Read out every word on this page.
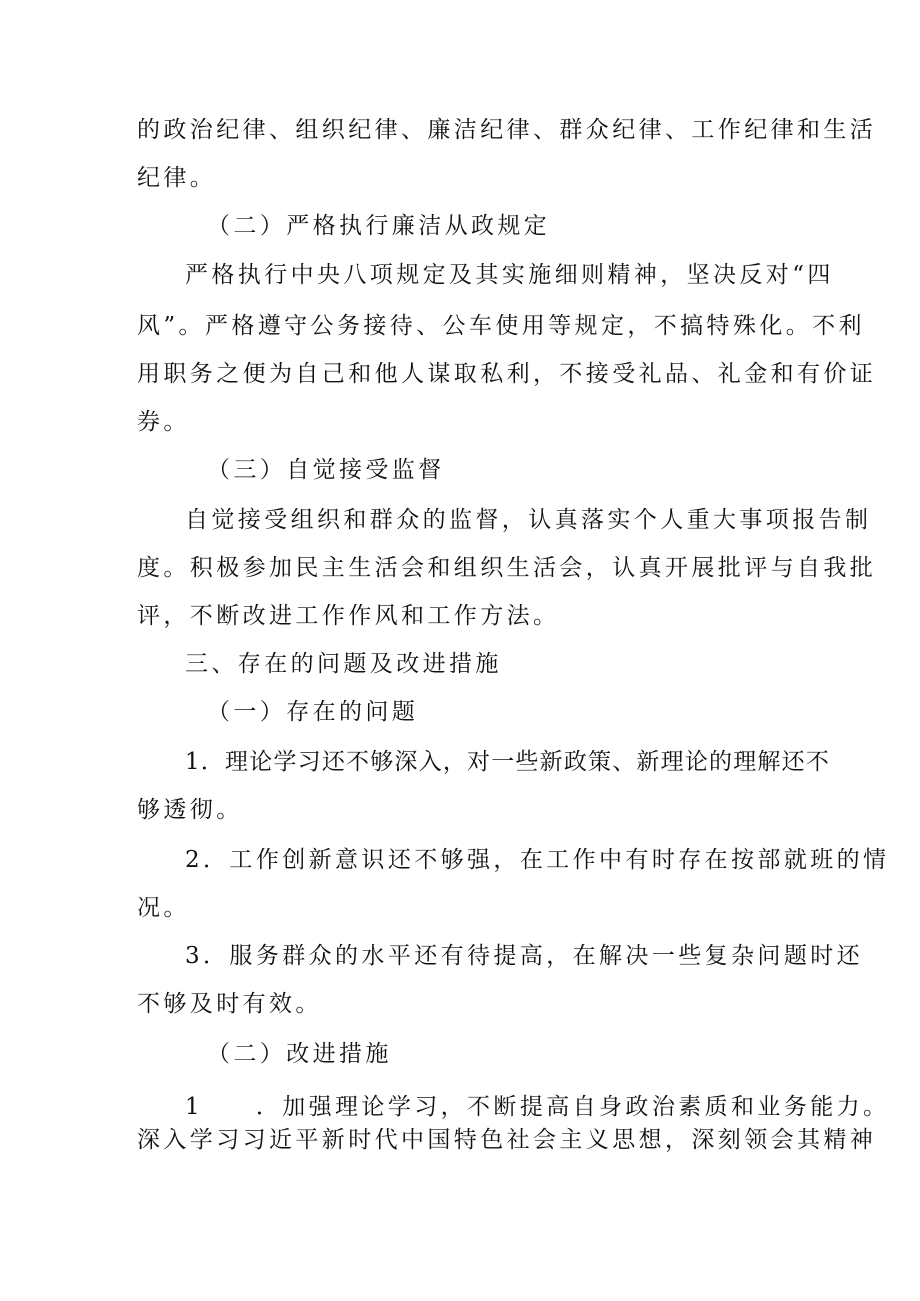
的政治纪律、组织纪律、廉洁纪律、群众纪律、工作纪律和生活
纪律。
（二）严格执行廉洁从政规定
严格执行中央八项规定及其实施细则精神，坚决反对“四
风”。严格遵守公务接待、公车使用等规定，不搞特殊化。不利
用职务之便为自己和他人谋取私利，不接受礼品、礼金和有价证
券。
（三）自觉接受监督
自觉接受组织和群众的监督，认真落实个人重大事项报告制
度。积极参加民主生活会和组织生活会，认真开展批评与自我批
评，不断改进工作作风和工作方法。
三、存在的问题及改进措施
（一）存在的问题
1．理论学习还不够深入，对一些新政策、新理论的理解还不
够透彻。
2．工作创新意识还不够强，在工作中有时存在按部就班的情
况。
3．服务群众的水平还有待提高，在解决一些复杂问题时还
不够及时有效。
（二）改进措施
1　　．加强理论学习，不断提高自身政治素质和业务能力。
深入学习习近平新时代中国特色社会主义思想，深刻领会其精神
